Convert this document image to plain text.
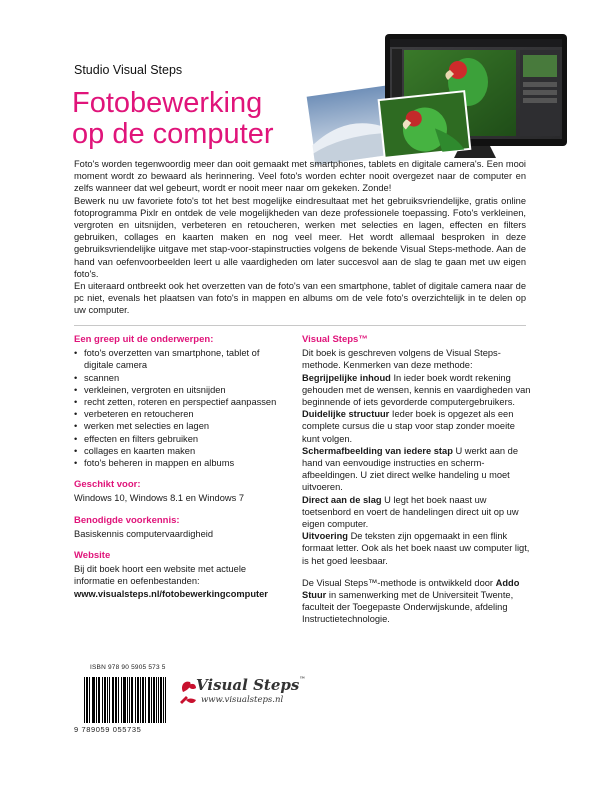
Studio Visual Steps
Fotobewerking
op de computer

Foto's worden tegenwoordig meer dan ooit gemaakt met smartphones, tablets en digitale camera's. Een mooi moment wordt zo bewaard als herinnering. Veel foto's worden echter nooit overgezet naar de computer en zelfs wanneer dat wel gebeurt, wordt er nooit meer naar om gekeken. Zonde!

Bewerk nu uw favoriete foto's tot het best mogelijke eindresultaat met het gebruiksvriendelijke, gratis online fotoprogramma Pixlr en ontdek de vele mogelijkheden van deze professionele toepassing. Foto's verkleinen, vergroten en uitsnijden, verbeteren en retoucheren, werken met selecties en lagen, effecten en filters gebruiken, collages en kaarten maken en nog veel meer. Het wordt allemaal besproken in deze gebruiksvriendelijke uitgave met stap-voor-stapinstructies volgens de bekende Visual Steps-methode. Aan de hand van oefenvoorbeelden leert u alle vaardigheden om later succesvol aan de slag te gaan met uw eigen foto's.

En uiteraard ontbreekt ook het overzetten van de foto's van een smartphone, tablet of digitale camera naar de pc niet, evenals het plaatsen van foto's in mappen en albums om de vele foto's overzichtelijk in te delen op uw computer.

Een greep uit de onderwerpen:
• foto's overzetten van smartphone, tablet of digitale camera
• scannen
• verkleinen, vergroten en uitsnijden
• recht zetten, roteren en perspectief aanpassen
• verbeteren en retoucheren
• werken met selecties en lagen
• effecten en filters gebruiken
• collages en kaarten maken
• foto's beheren in mappen en albums
Geschikt voor:

Windows 10, Windows 8.1 en Windows 7

Benodigde voorkennis:

Basiskennis computervaardigheid

Website

Bij dit boek hoort een website met actuele informatie en oefenbestanden:

www.visualsteps.nl/fotobewerkingcomputer

Visual Steps™

Dit boek is geschreven volgens de Visual Steps-methode. Kenmerken van deze methode:

Begrijpelijke inhoud In ieder boek wordt rekening gehouden met de wensen, kennis en vaardigheden van beginnende of iets gevorderde computergebruikers.

Duidelijke structuur Ieder boek is opgezet als een complete cursus die u stap voor stap zonder moeite kunt volgen.

Schermafbeelding van iedere stap U werkt aan de hand van eenvoudige instructies en scherm-afbeeldingen. U ziet direct welke handeling u moet uitvoeren.

Direct aan de slag U legt het boek naast uw toetsenbord en voert de handelingen direct uit op uw eigen computer.

Uitvoering De teksten zijn opgemaakt in een flink formaat letter. Ook als het boek naast uw computer ligt, is het goed leesbaar.

De Visual Steps™-methode is ontwikkeld door Addo Stuur in samenwerking met de Universiteit Twente, faculteit der Toegepaste Onderwijskunde, afdeling Instructietechnologie.

ISBN 978 90 5905 573 5
9 789059 055735
Visual Steps™
www.visualsteps.nl
